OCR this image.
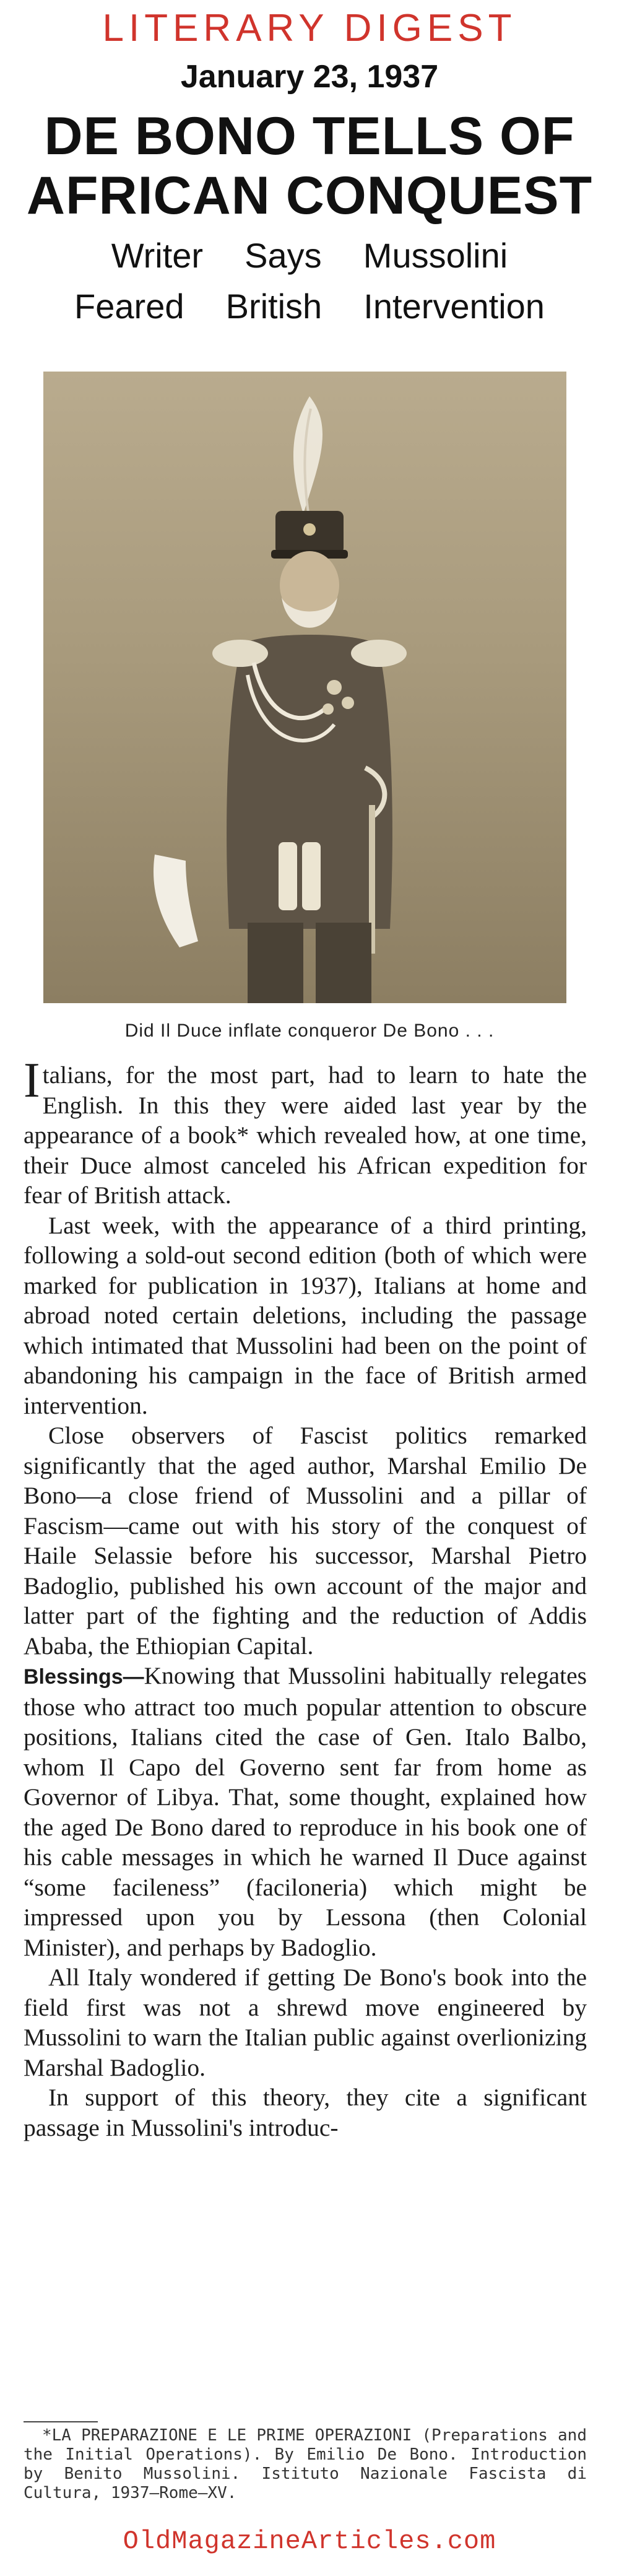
LITERARY DIGEST
January 23, 1937
DE BONO TELLS OF
AFRICAN CONQUEST
Writer  Says  Mussolini
Feared  British  Intervention
Did Il Duce inflate conqueror De Bono . . .

Italians, for the most part, had to learn to hate the English. In this they were aided last year by the appearance of a book* which revealed how, at one time, their Duce almost canceled his African expedition for fear of British attack.

Last week, with the appearance of a third printing, following a sold-out second edition (both of which were marked for publication in 1937), Italians at home and abroad noted certain deletions, including the passage which intimated that Mussolini had been on the point of abandoning his campaign in the face of British armed intervention.

Close observers of Fascist politics remarked significantly that the aged author, Marshal Emilio De Bono—a close friend of Mussolini and a pillar of Fascism—came out with his story of the conquest of Haile Selassie before his successor, Marshal Pietro Badoglio, published his own account of the major and latter part of the fighting and the reduction of Addis Ababa, the Ethiopian Capital.

Blessings—Knowing that Mussolini habitually relegates those who attract too much popular attention to obscure positions, Italians cited the case of Gen. Italo Balbo, whom Il Capo del Governo sent far from home as Governor of Libya. That, some thought, explained how the aged De Bono dared to reproduce in his book one of his cable messages in which he warned Il Duce against “some facileness” (faciloneria) which might be impressed upon you by Lessona (then Colonial Minister), and perhaps by Badoglio.

All Italy wondered if getting De Bono's book into the field first was not a shrewd move engineered by Mussolini to warn the Italian public against overlionizing Marshal Badoglio.

In support of this theory, they cite a significant passage in Mussolini's introduc-

*LA PREPARAZIONE E LE PRIME OPERAZIONI (Preparations and the Initial Operations). By Emilio De Bono. Introduction by Benito Mussolini. Istituto Nazionale Fascista di Cultura, 1937—Rome—XV.

OldMagazineArticles.com
